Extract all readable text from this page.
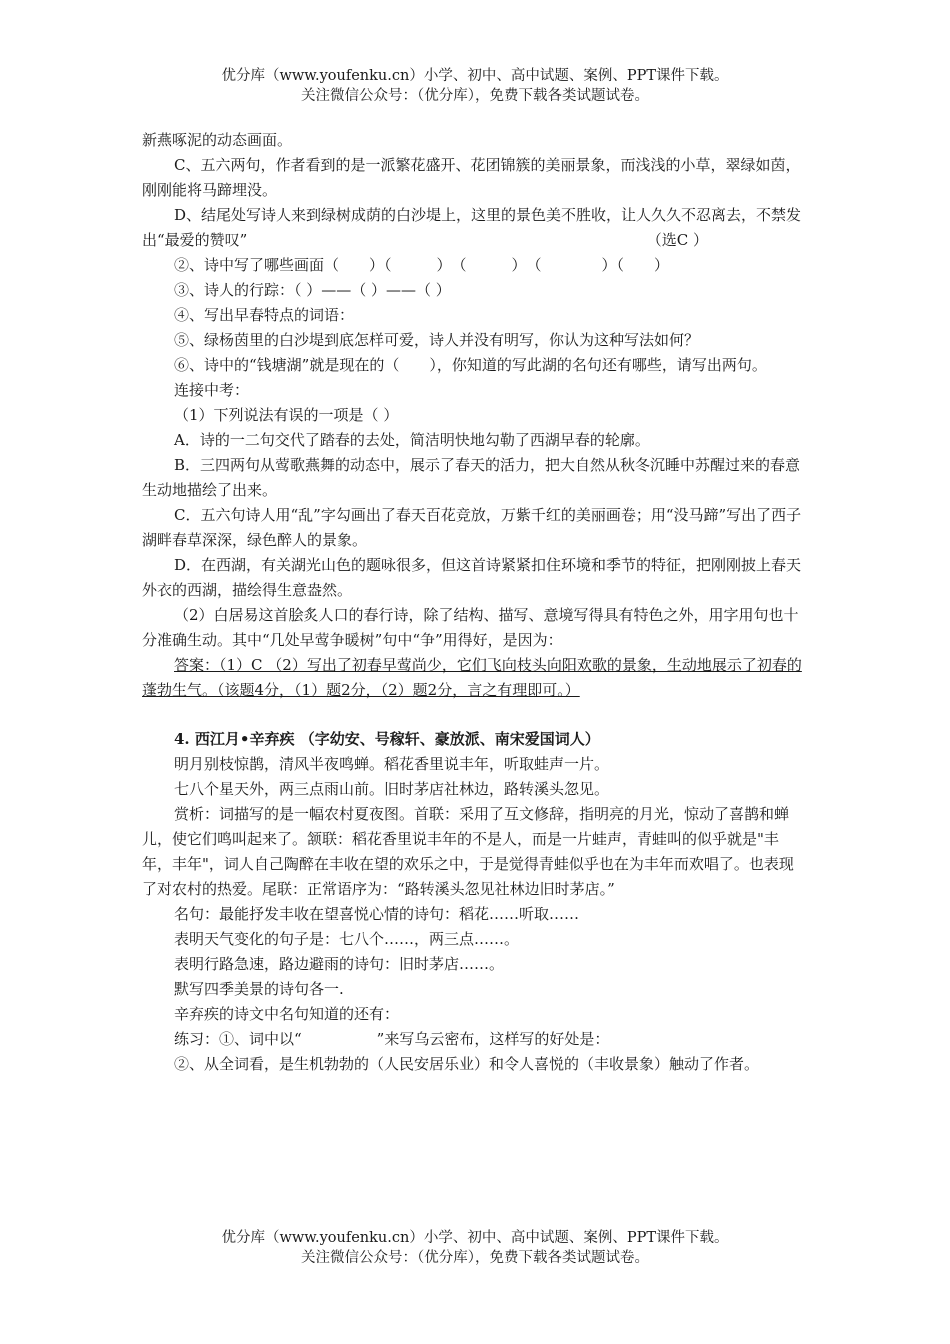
优分库（www.youfenku.cn）小学、初中、高中试题、案例、PPT课件下载。
关注微信公众号：（优分库），免费下载各类试题试卷。

新燕啄泥的动态画面。

C、五六两句，作者看到的是一派繁花盛开、花团锦簇的美丽景象，而浅浅的小草，翠绿如茵，刚刚能将马蹄埋没。

D、结尾处写诗人来到绿树成荫的白沙堤上，这里的景色美不胜收，让人久久不忍离去，不禁发出“最爱的赞叹”	（选C ）

②、诗中写了哪些画面（　　）（　　　）　（　　　）　（　　　　）（　　）

③、诗人的行踪：（ ）——（ ）——（ ）

④、写出早春特点的词语：

⑤、绿杨茵里的白沙堤到底怎样可爱，诗人并没有明写，你认为这种写法如何？

⑥、诗中的“钱塘湖”就是现在的（　　），你知道的写此湖的名句还有哪些，请写出两句。

连接中考：

（1）下列说法有误的一项是（ ）

A．诗的一二句交代了踏春的去处，简洁明快地勾勒了西湖早春的轮廓。

B．三四两句从莺歌燕舞的动态中，展示了春天的活力，把大自然从秋冬沉睡中苏醒过来的春意生动地描绘了出来。

C．五六句诗人用“乱”字勾画出了春天百花竞放，万紫千红的美丽画卷；用“没马蹄”写出了西子湖畔春草深深，绿色醉人的景象。

D．在西湖，有关湖光山色的题咏很多，但这首诗紧紧扣住环境和季节的特征，把刚刚披上春天外衣的西湖，描绘得生意盎然。

（2）白居易这首脍炙人口的春行诗，除了结构、描写、意境写得具有特色之外，用字用句也十分准确生动。其中“几处早莺争暖树”句中“争”用得好，是因为：

答案：（1）C （2）写出了初春早莺尚少，它们飞向枝头向阳欢歌的景象，生动地展示了初春的蓬勃生气。（该题4分，（1）题2分，（2）题2分，言之有理即可。）

4. 西江月•辛弃疾 （字幼安、号稼轩、豪放派、南宋爱国词人）

明月别枝惊鹊，清风半夜鸣蝉。稻花香里说丰年，听取蛙声一片。

七八个星天外，两三点雨山前。旧时茅店社林边，路转溪头忽见。

赏析：词描写的是一幅农村夏夜图。首联：采用了互文修辞，指明亮的月光，惊动了喜鹊和蝉儿，使它们鸣叫起来了。颔联：稻花香里说丰年的不是人，而是一片蛙声，青蛙叫的似乎就是"丰年，丰年"，词人自己陶醉在丰收在望的欢乐之中，于是觉得青蛙似乎也在为丰年而欢唱了。也表现了对农村的热爱。尾联：正常语序为：“路转溪头忽见社林边旧时茅店。”

名句：最能抒发丰收在望喜悦心情的诗句：稻花……听取……

表明天气变化的句子是：七八个……，两三点……。

表明行路急速，路边避雨的诗句：旧时茅店……。

默写四季美景的诗句各一.

辛弃疾的诗文中名句知道的还有：

练习：①、词中以“　　　　　”来写乌云密布，这样写的好处是：

②、从全词看，是生机勃勃的（人民安居乐业）和令人喜悦的（丰收景象）触动了作者。

优分库（www.youfenku.cn）小学、初中、高中试题、案例、PPT课件下载。
关注微信公众号：（优分库），免费下载各类试题试卷。
